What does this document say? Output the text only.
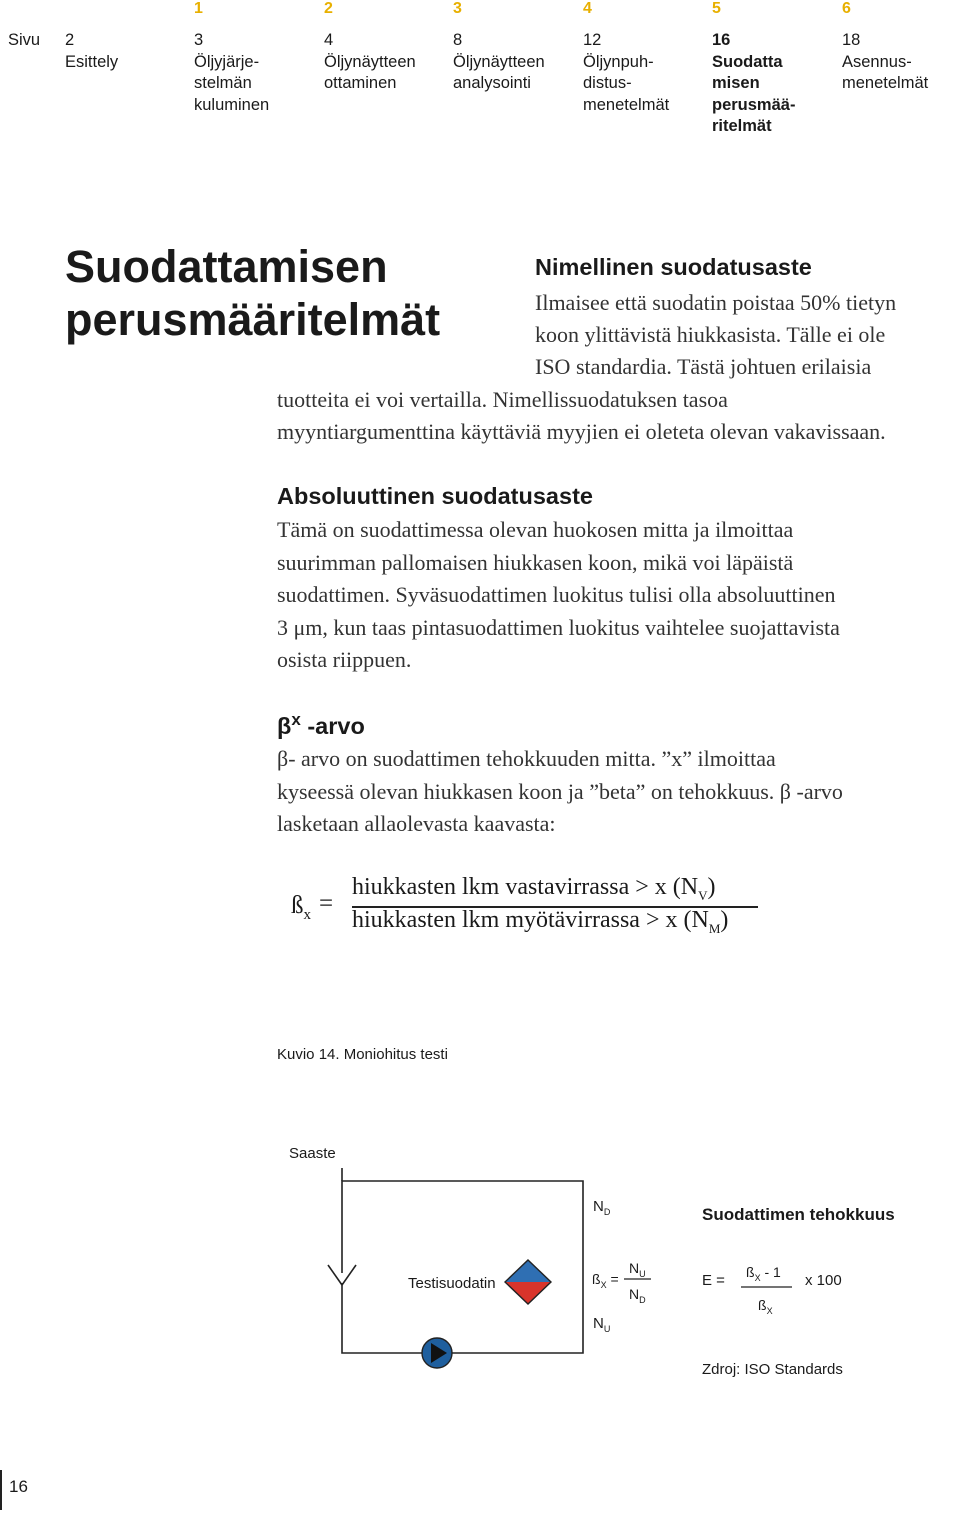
Sivu 2
Esittely
1
3
Öljyjärje-
stelmän
kuluminen
2
4
Öljynäytteen
ottaminen
3
8
Öljynäytteen
analysointi
4
12
Öljynpuh-
distus-
menetelmät
5
16
Suodatta
misen
perusmää-
ritelmät
6
18
Asennus-
menetelmät
Suodattamisen
perusmääritelmät
Nimellinen suodatusaste
Ilmaisee että suodatin poistaa 50% tietyn
koon ylittävistä hiukkasista. Tälle ei ole
ISO standardia. Tästä johtuen erilaisia
tuotteita ei voi vertailla. Nimellissuodatuksen tasoa
myyntiargumenttina käyttäviä myyjien ei oleteta olevan vakavissaan.
Absoluuttinen suodatusaste
Tämä on suodattimessa olevan huokosen mitta ja ilmoittaa
suurimman pallomaisen hiukkasen koon, mikä voi läpäistä
suodattimen. Syväsuodattimen luokitus tulisi olla absoluuttinen
3 μm, kun taas pintasuodattimen luokitus vaihtelee suojattavista
osista riippuen.
$\beta^x$ -arvo
β- arvo on suodattimen tehokkuuden mitta. ”x” ilmoittaa
kyseessä olevan hiukkasen koon ja ”beta” on tehokkuus. β -arvo
lasketaan allaolevasta kaavasta:
$ß_x$ =
hiukkasten lkm vastavirrassa > x $(N_V)$
hiukkasten lkm myötävirrassa > x $(N_M)$
Kuvio 14. Moniohitus testi
Saaste
$N_D$
Testisuodatin
$N_U$
$ß_X$ =
$N_U$
$N_D$
Suodattimen tehokkuus
$E = ß_X - 1$
$ß_X$
x 100
Zdroj: ISO Standards
16
